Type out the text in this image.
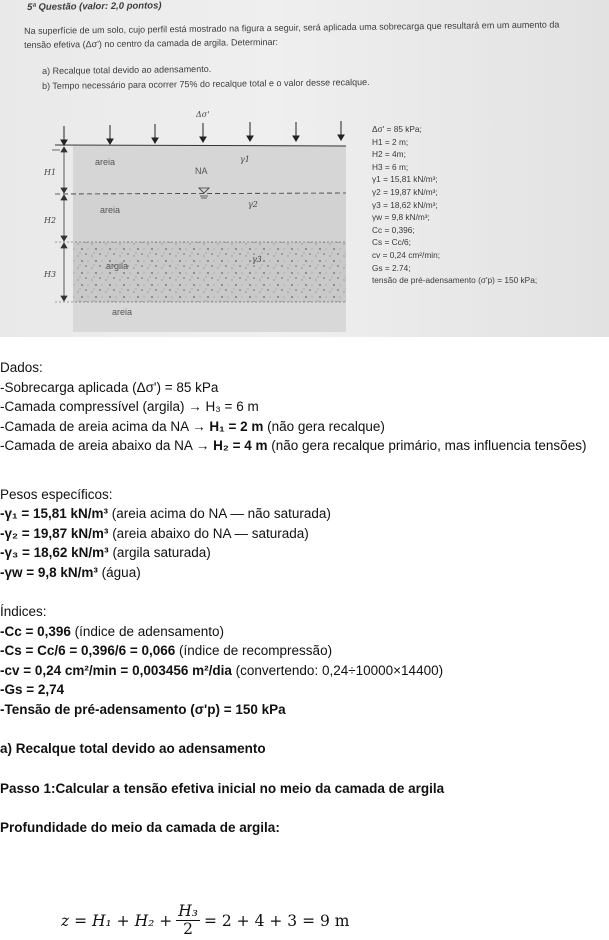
5ª Questão (valor: 2,0 pontos)
Na superfície de um solo, cujo perfil está mostrado na figura a seguir, será aplicada uma sobrecarga que resultará em um aumento da
tensão efetiva (Δσ') no centro da camada de argila. Determinar:
a) Recalque total devido ao adensamento.
b) Tempo necessário para ocorrer 75% do recalque total e o valor desse recalque.
Δσ'
areia
NA
areia
argila
areia
γ1
γ2
γ3
H1
H2
H3
Δσ' = 85 kPa;
H1 = 2 m;
H2 = 4m;
H3 = 6 m;
γ1 = 15,81 kN/m³;
γ2 = 19,87 kN/m³;
γ3 = 18,62 kN/m³;
γw = 9,8 kN/m³;
Cc = 0,396;
Cs = Cc/6;
cv = 0,24 cm²/min;
Gs = 2.74;
tensão de pré-adensamento (σ'p) = 150 kPa;
Dados:
-Sobrecarga aplicada (Δσ') = 85 kPa
-Camada compressível (argila) → H₃ = 6 m
-Camada de areia acima da NA → H₁ = 2 m (não gera recalque)
-Camada de areia abaixo da NA → H₂ = 4 m (não gera recalque primário, mas influencia tensões)
Pesos específicos:
-γ₁ = 15,81 kN/m³ (areia acima do NA — não saturada)
-γ₂ = 19,87 kN/m³ (areia abaixo do NA — saturada)
-γ₃ = 18,62 kN/m³ (argila saturada)
-γw = 9,8 kN/m³ (água)
Índices:
-Cc = 0,396 (índice de adensamento)
-Cs = Cc/6 = 0,396/6 = 0,066 (índice de recompressão)
-cv = 0,24 cm²/min = 0,003456 m²/dia (convertendo: 0,24÷10000×14400)
-Gs = 2,74
-Tensão de pré-adensamento (σ'p) = 150 kPa
a) Recalque total devido ao adensamento
Passo 1:Calcular a tensão efetiva inicial no meio da camada de argila
Profundidade do meio da camada de argila:
$z = H_1 + H_2 + \frac{\text{H₃}}{2} = 2 + 4 + 3 = 9$ m
